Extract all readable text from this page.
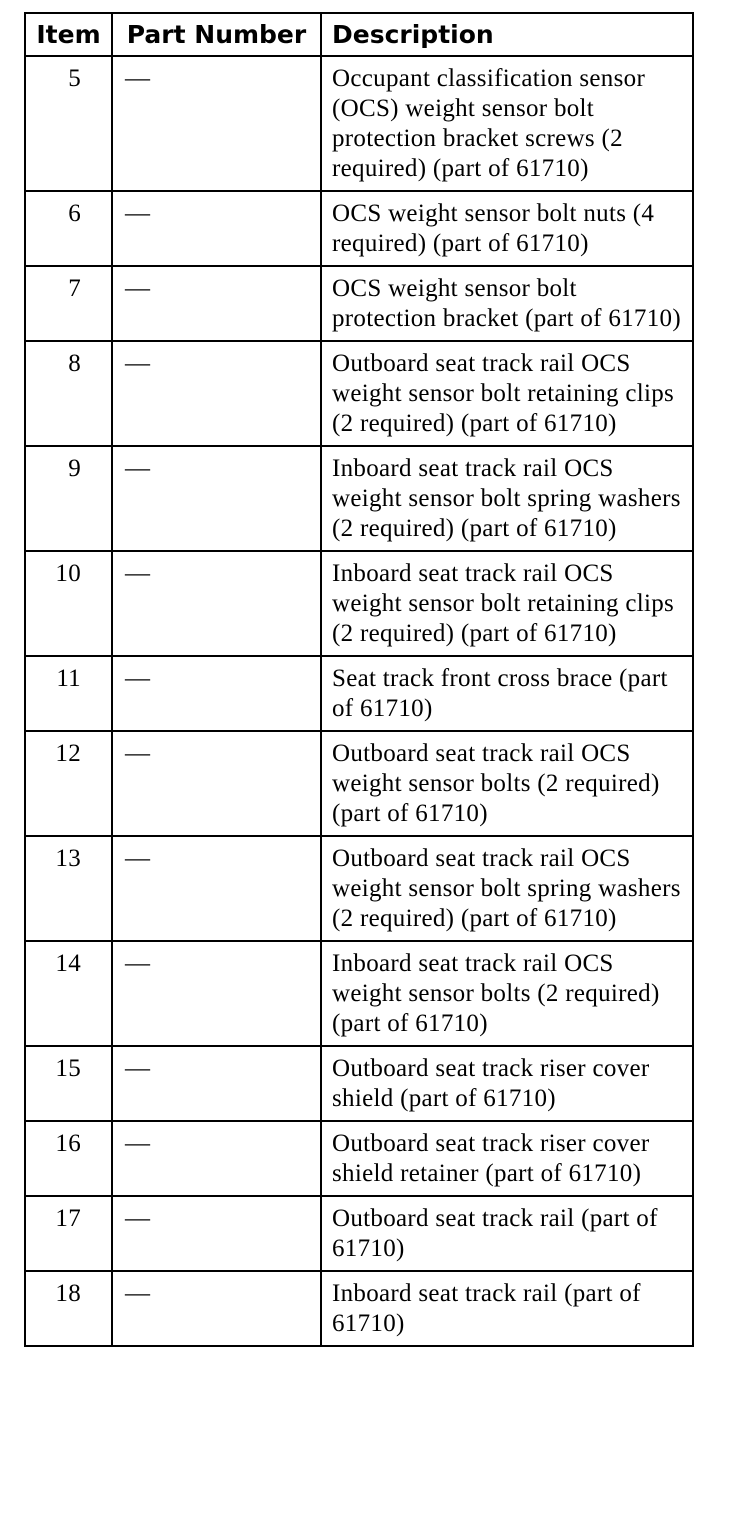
Item	Part Number	Description
5	—	Occupant classification sensor (OCS) weight sensor bolt protection bracket screws (2 required) (part of 61710)
6	—	OCS weight sensor bolt nuts (4 required) (part of 61710)
7	—	OCS weight sensor bolt protection bracket (part of 61710)
8	—	Outboard seat track rail OCS weight sensor bolt retaining clips (2 required) (part of 61710)
9	—	Inboard seat track rail OCS weight sensor bolt spring washers (2 required) (part of 61710)
10	—	Inboard seat track rail OCS weight sensor bolt retaining clips (2 required) (part of 61710)
11	—	Seat track front cross brace (part of 61710)
12	—	Outboard seat track rail OCS weight sensor bolts (2 required) (part of 61710)
13	—	Outboard seat track rail OCS weight sensor bolt spring washers (2 required) (part of 61710)
14	—	Inboard seat track rail OCS weight sensor bolts (2 required) (part of 61710)
15	—	Outboard seat track riser cover shield (part of 61710)
16	—	Outboard seat track riser cover shield retainer (part of 61710)
17	—	Outboard seat track rail (part of 61710)
18	—	Inboard seat track rail (part of 61710)
